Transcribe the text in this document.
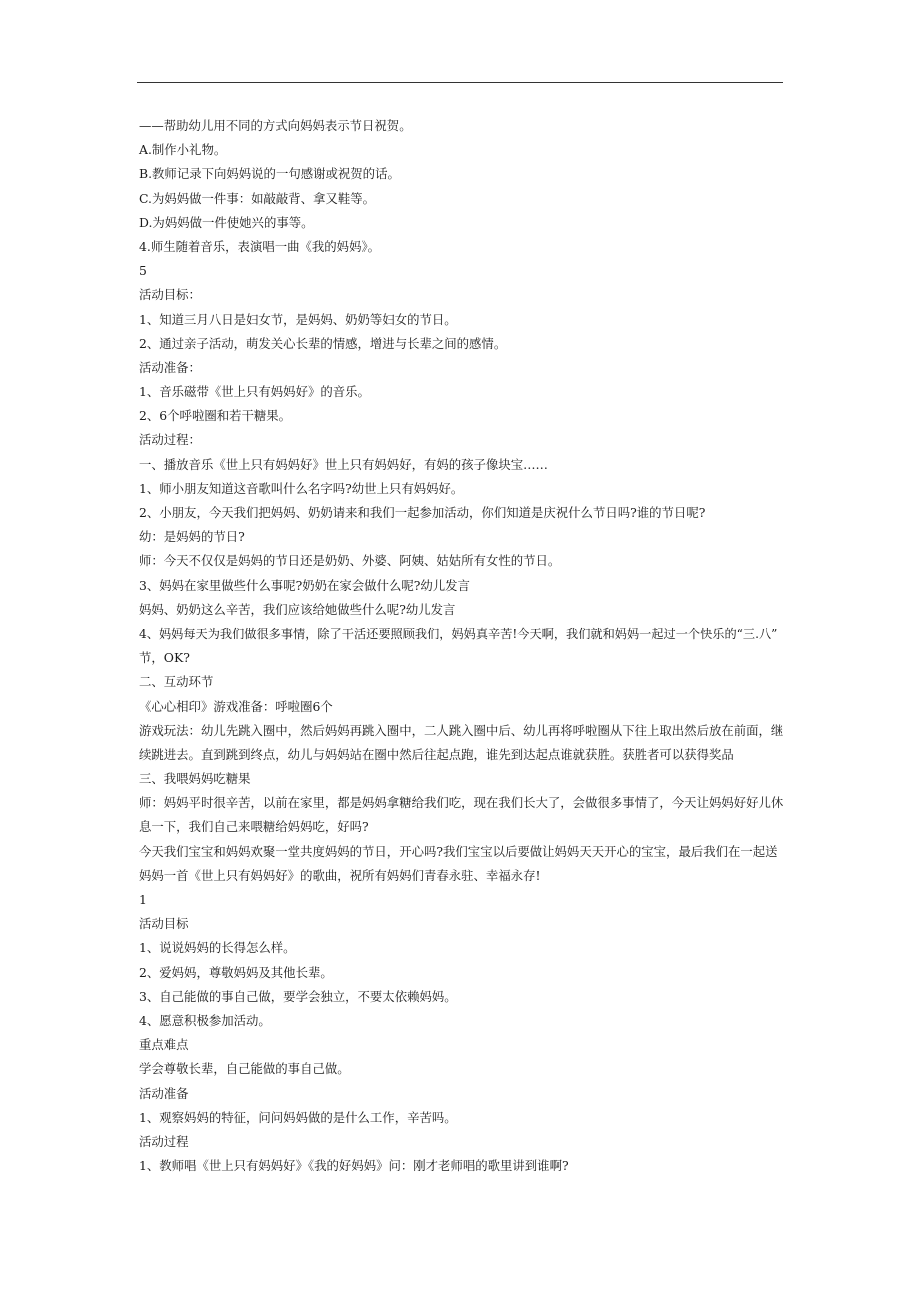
——帮助幼儿用不同的方式向妈妈表示节日祝贺。
A.制作小礼物。
B.教师记录下向妈妈说的一句感谢或祝贺的话。
C.为妈妈做一件事：如敲敲背、拿又鞋等。
D.为妈妈做一件使她兴的事等。
4.师生随着音乐，表演唱一曲《我的妈妈》。
5
活动目标：
1、知道三月八日是妇女节，是妈妈、奶奶等妇女的节日。
2、通过亲子活动，萌发关心长辈的情感，增进与长辈之间的感情。
活动准备：
1、音乐磁带《世上只有妈妈好》的音乐。
2、6个呼啦圈和若干糖果。
活动过程：
一、播放音乐《世上只有妈妈好》世上只有妈妈好，有妈的孩子像块宝……
1、师小朋友知道这音歌叫什么名字吗?幼世上只有妈妈好。
2、小朋友，今天我们把妈妈、奶奶请来和我们一起参加活动，你们知道是庆祝什么节日吗?谁的节日呢?
幼：是妈妈的节日?
师：今天不仅仅是妈妈的节日还是奶奶、外婆、阿姨、姑姑所有女性的节日。
3、妈妈在家里做些什么事呢?奶奶在家会做什么呢?幼儿发言
妈妈、奶奶这么辛苦，我们应该给她做些什么呢?幼儿发言
4、妈妈每天为我们做很多事情，除了干活还要照顾我们，妈妈真辛苦!今天啊，我们就和妈妈一起过一个快乐的“三.八”
节，OK?
二、互动环节
《心心相印》游戏准备：呼啦圈6个
游戏玩法：幼儿先跳入圈中，然后妈妈再跳入圈中，二人跳入圈中后、幼儿再将呼啦圈从下往上取出然后放在前面，继
续跳进去。直到跳到终点，幼儿与妈妈站在圈中然后往起点跑，谁先到达起点谁就获胜。获胜者可以获得奖品
三、我喂妈妈吃糖果
师：妈妈平时很辛苦，以前在家里，都是妈妈拿糖给我们吃，现在我们长大了，会做很多事情了，今天让妈妈好好儿休
息一下，我们自己来喂糖给妈妈吃，好吗?
今天我们宝宝和妈妈欢聚一堂共度妈妈的节日，开心吗?我们宝宝以后要做让妈妈天天开心的宝宝，最后我们在一起送
妈妈一首《世上只有妈妈好》的歌曲，祝所有妈妈们青春永驻、幸福永存!
1
活动目标
1、说说妈妈的长得怎么样。
2、爱妈妈，尊敬妈妈及其他长辈。
3、自己能做的事自己做，要学会独立，不要太依赖妈妈。
4、愿意积极参加活动。
重点难点
学会尊敬长辈，自己能做的事自己做。
活动准备
1、观察妈妈的特征，问问妈妈做的是什么工作，辛苦吗。
活动过程
1、教师唱《世上只有妈妈好》《我的好妈妈》问：刚才老师唱的歌里讲到谁啊?
